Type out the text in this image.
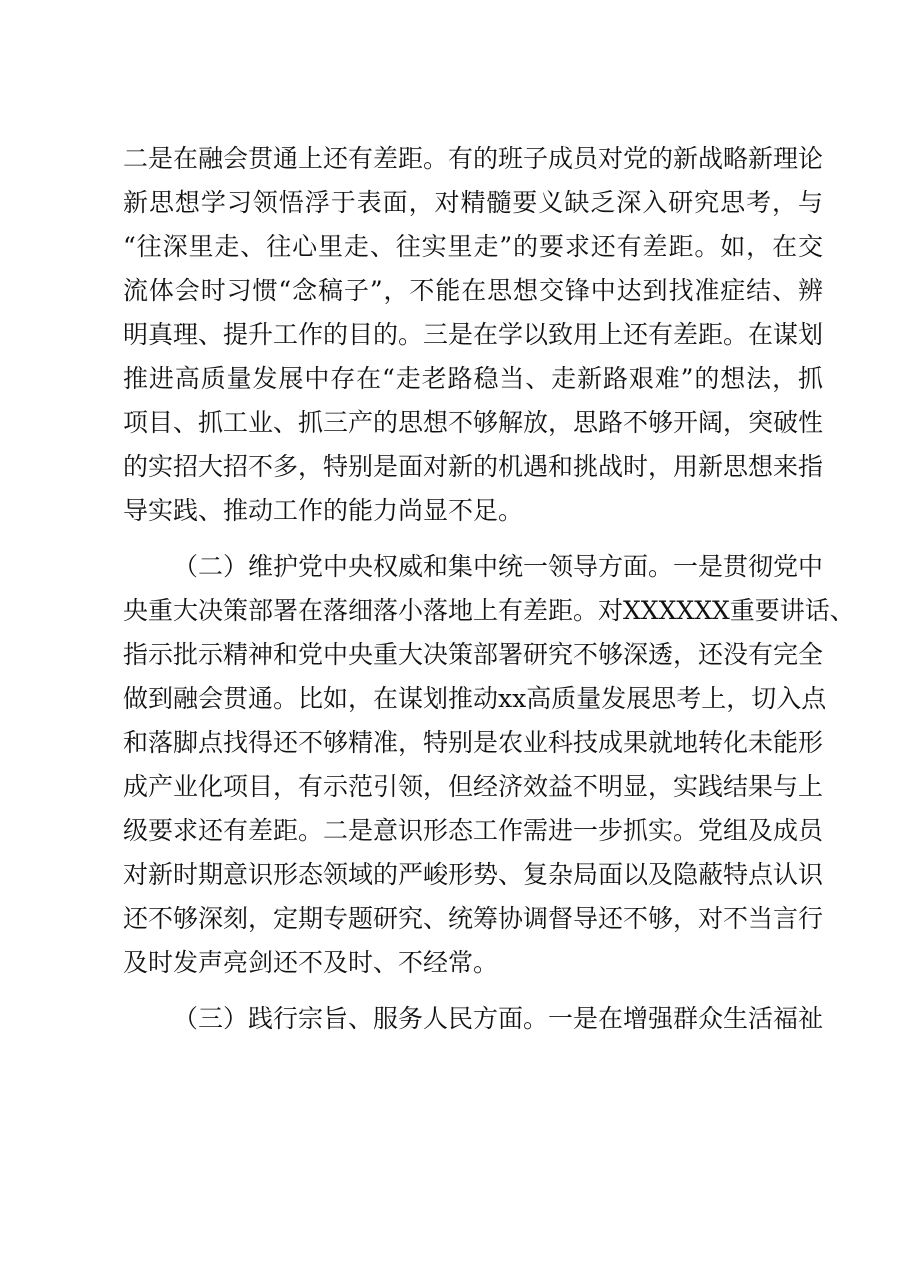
二是在融会贯通上还有差距。有的班子成员对党的新战略新理论
新思想学习领悟浮于表面，对精髓要义缺乏深入研究思考，与
“往深里走、往心里走、往实里走”的要求还有差距。如，在交
流体会时习惯“念稿子”，不能在思想交锋中达到找准症结、辨
明真理、提升工作的目的。三是在学以致用上还有差距。在谋划
推进高质量发展中存在“走老路稳当、走新路艰难”的想法，抓
项目、抓工业、抓三产的思想不够解放，思路不够开阔，突破性
的实招大招不多，特别是面对新的机遇和挑战时，用新思想来指
导实践、推动工作的能力尚显不足。
（二）维护党中央权威和集中统一领导方面。一是贯彻党中
央重大决策部署在落细落小落地上有差距。对XXXXXX重要讲话、
指示批示精神和党中央重大决策部署研究不够深透，还没有完全
做到融会贯通。比如，在谋划推动xx高质量发展思考上，切入点
和落脚点找得还不够精准，特别是农业科技成果就地转化未能形
成产业化项目，有示范引领，但经济效益不明显，实践结果与上
级要求还有差距。二是意识形态工作需进一步抓实。党组及成员
对新时期意识形态领域的严峻形势、复杂局面以及隐蔽特点认识
还不够深刻，定期专题研究、统筹协调督导还不够，对不当言行
及时发声亮剑还不及时、不经常。
（三）践行宗旨、服务人民方面。一是在增强群众生活福祉
